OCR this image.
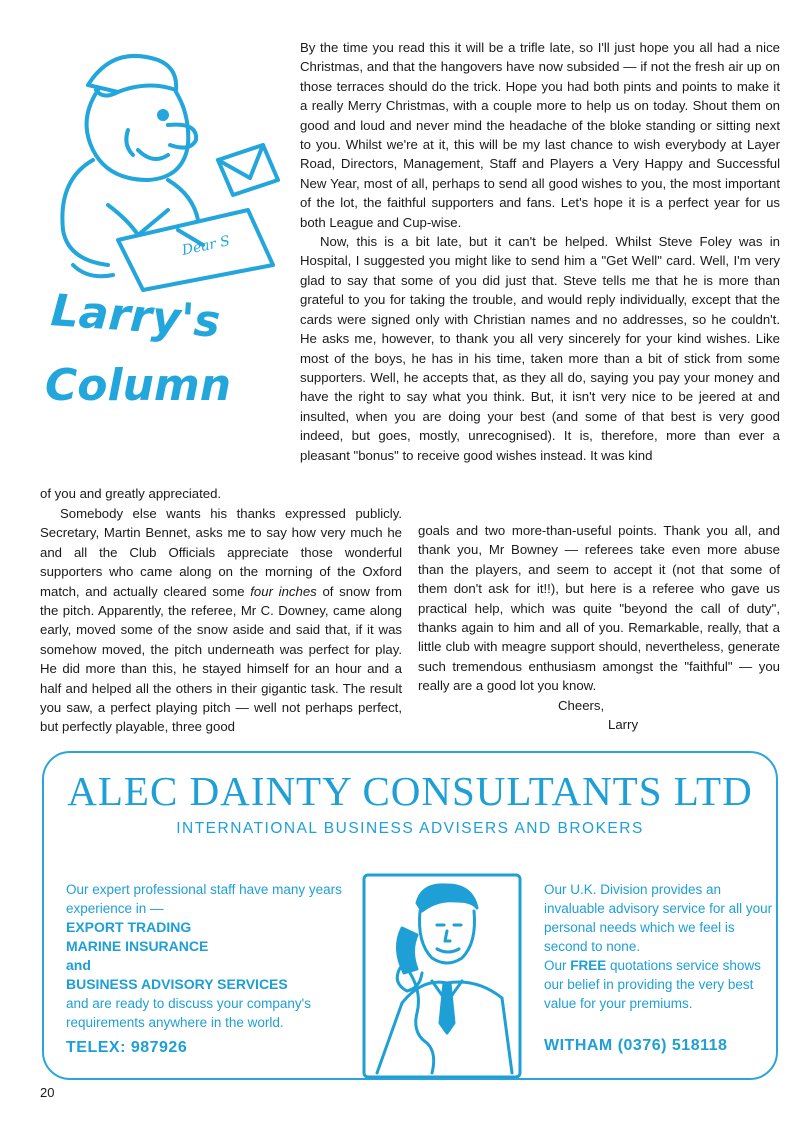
Dear S
Larry's
Column

By the time you read this it will be a trifle late, so I'll just hope you all had a nice Christmas, and that the hangovers have now subsided — if not the fresh air up on those terraces should do the trick. Hope you had both pints and points to make it a really Merry Christmas, with a couple more to help us on today. Shout them on good and loud and never mind the headache of the bloke standing or sitting next to you. Whilst we're at it, this will be my last chance to wish everybody at Layer Road, Directors, Management, Staff and Players a Very Happy and Successful New Year, most of all, perhaps to send all good wishes to you, the most important of the lot, the faithful supporters and fans. Let's hope it is a perfect year for us both League and Cup-wise.

Now, this is a bit late, but it can't be helped. Whilst Steve Foley was in Hospital, I suggested you might like to send him a "Get Well" card. Well, I'm very glad to say that some of you did just that. Steve tells me that he is more than grateful to you for taking the trouble, and would reply individually, except that the cards were signed only with Christian names and no addresses, so he couldn't. He asks me, however, to thank you all very sincerely for your kind wishes. Like most of the boys, he has in his time, taken more than a bit of stick from some supporters. Well, he accepts that, as they all do, saying you pay your money and have the right to say what you think. But, it isn't very nice to be jeered at and insulted, when you are doing your best (and some of that best is very good indeed, but goes, mostly, unrecognised). It is, therefore, more than ever a pleasant "bonus" to receive good wishes instead. It was kind

of you and greatly appreciated.

Somebody else wants his thanks expressed publicly. Secretary, Martin Bennet, asks me to say how very much he and all the Club Officials appreciate those wonderful supporters who came along on the morning of the Oxford match, and actually cleared some four inches of snow from the pitch. Apparently, the referee, Mr C. Downey, came along early, moved some of the snow aside and said that, if it was somehow moved, the pitch underneath was perfect for play. He did more than this, he stayed himself for an hour and a half and helped all the others in their gigantic task. The result you saw, a perfect playing pitch — well not perhaps perfect, but perfectly playable, three good

goals and two more-than-useful points. Thank you all, and thank you, Mr Bowney — referees take even more abuse than the players, and seem to accept it (not that some of them don't ask for it!!), but here is a referee who gave us practical help, which was quite "beyond the call of duty", thanks again to him and all of you. Remarkable, really, that a little club with meagre support should, nevertheless, generate such tremendous enthusiasm amongst the "faithful" — you really are a good lot you know.

Cheers,

Larry

ALEC DAINTY CONSULTANTS LTD
INTERNATIONAL BUSINESS ADVISERS AND BROKERS
Our expert professional staff have many years experience in —
EXPORT TRADING
MARINE INSURANCE
and
BUSINESS ADVISORY SERVICES
and are ready to discuss your company's requirements anywhere in the world.
Our U.K. Division provides an invaluable advisory service for all your personal needs which we feel is second to none.
Our FREE quotations service shows our belief in providing the very best value for your premiums.
TELEX: 987926	WITHAM (0376) 518118
20
